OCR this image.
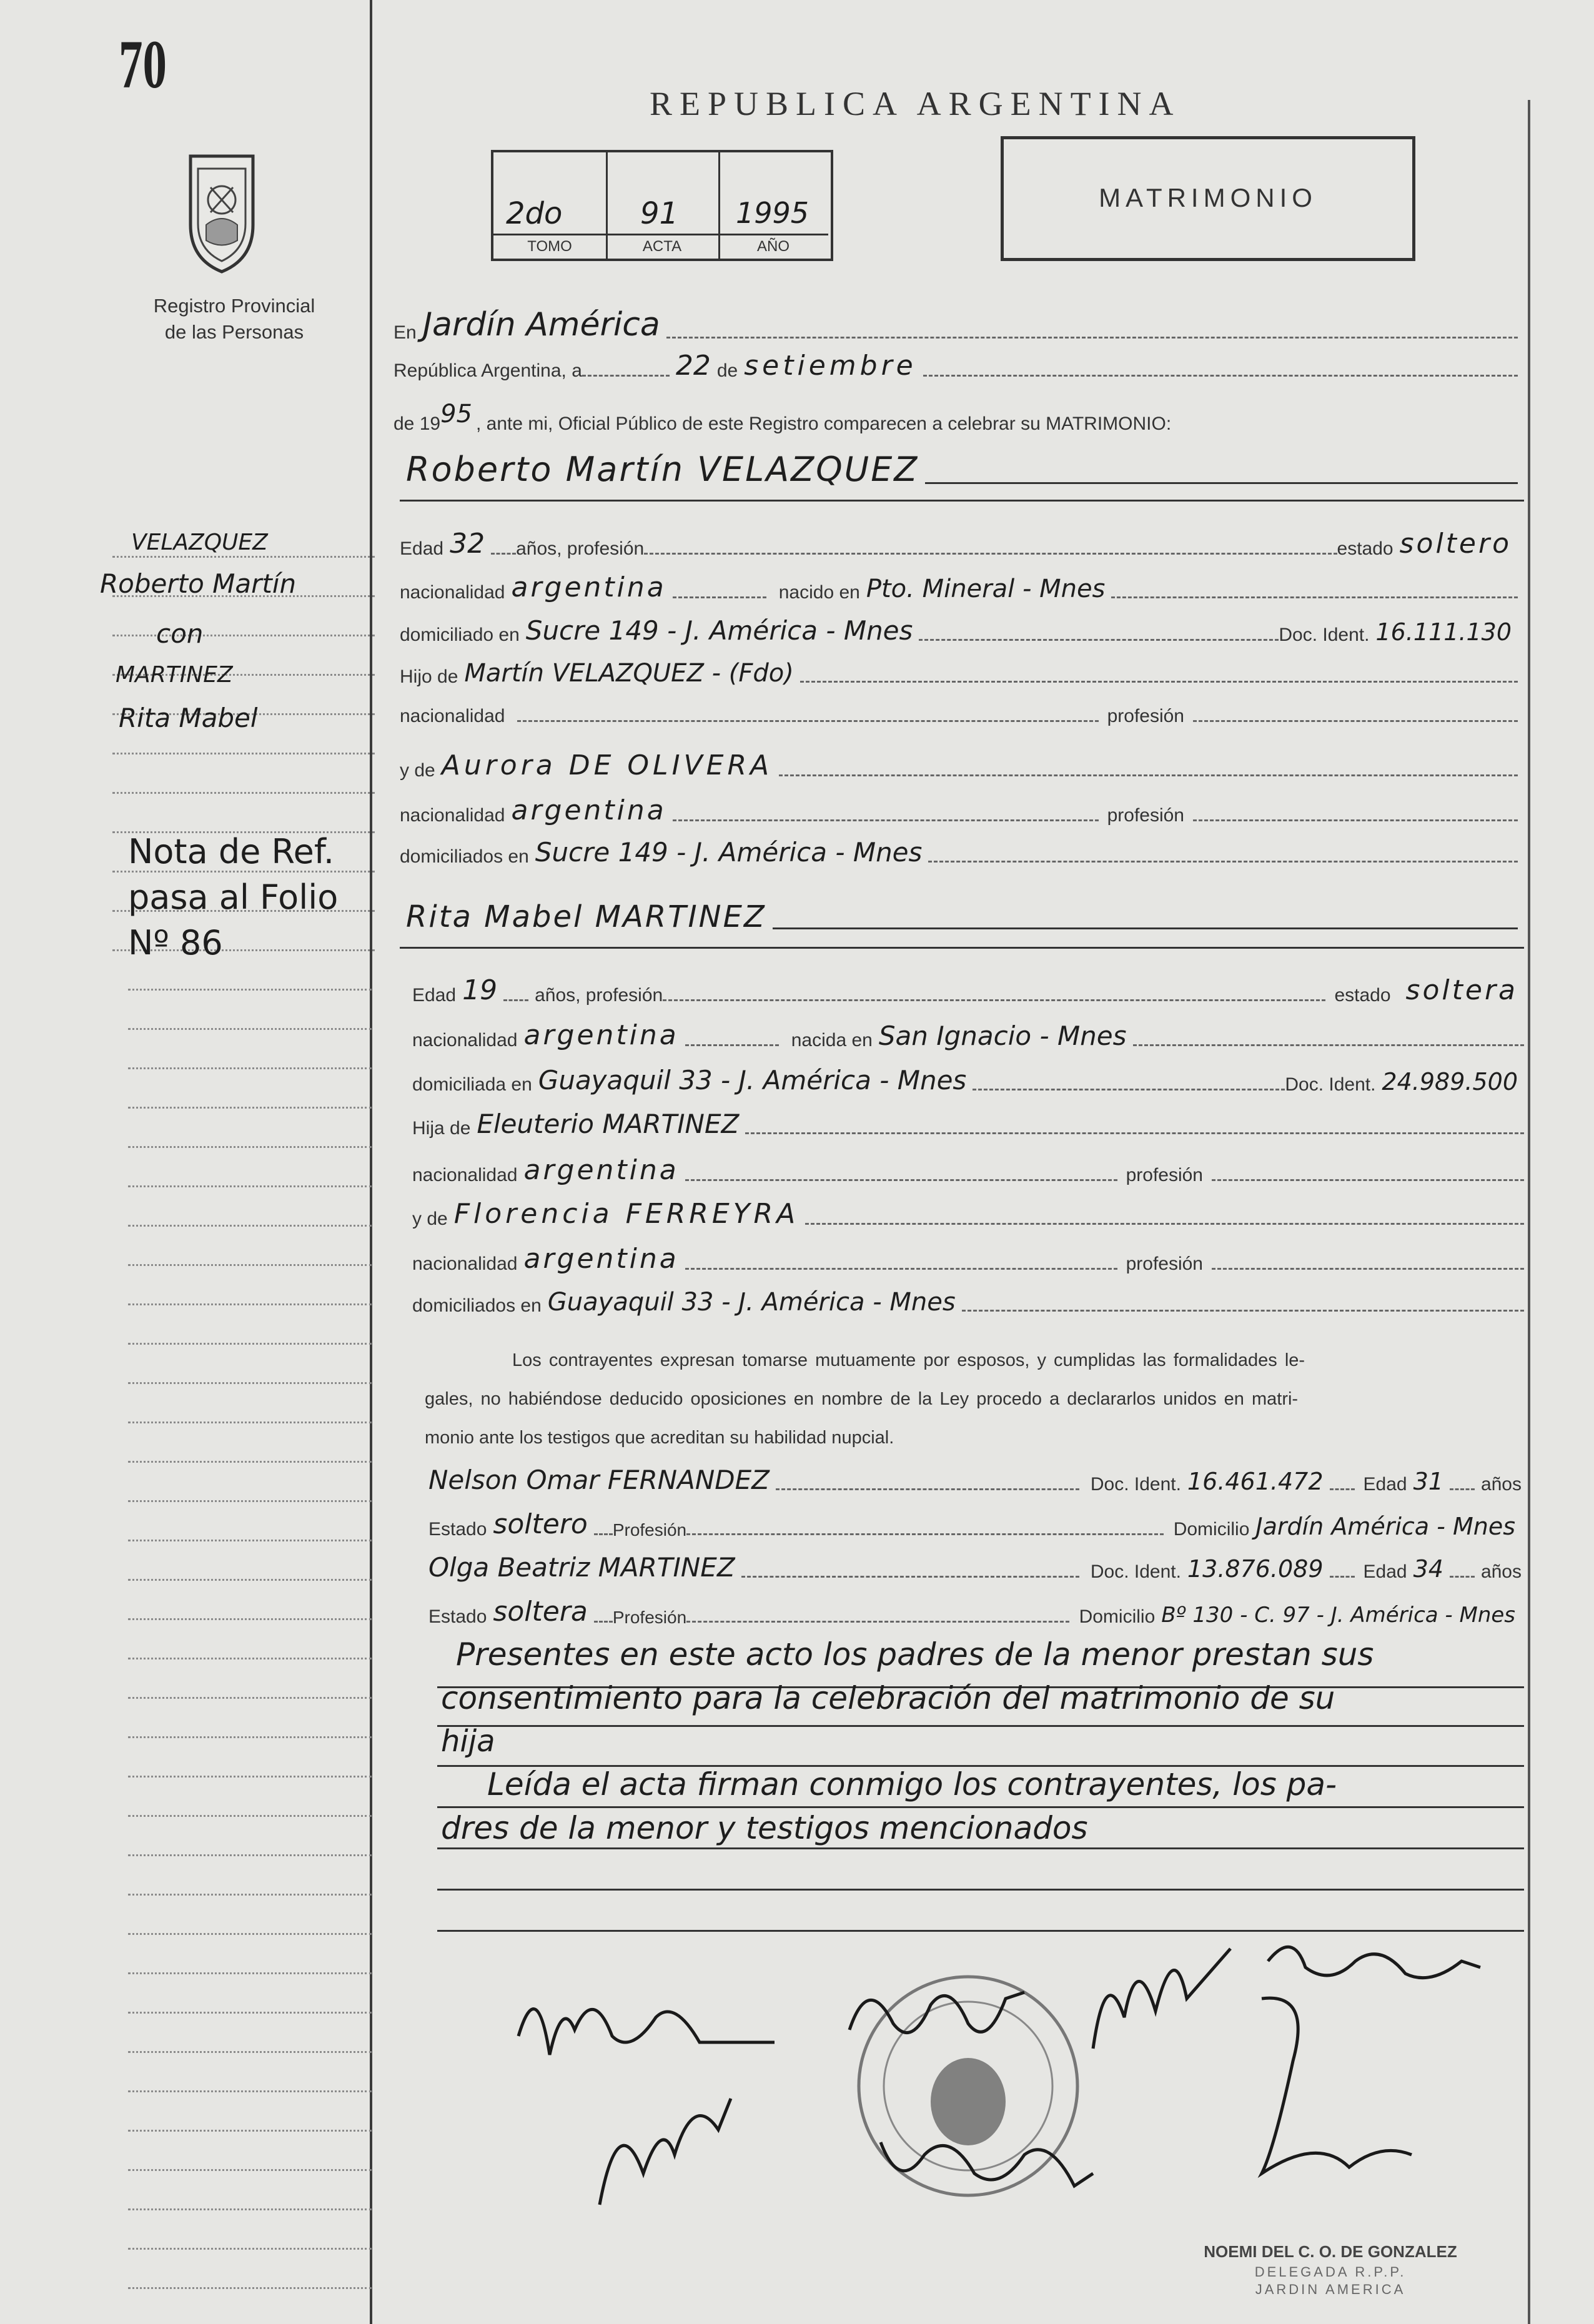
70
Registro Provincial
de las Personas
REPUBLICA ARGENTINA
2do
TOMO
91
ACTA
1995
AÑO
MATRIMONIO
En Jardín América
República Argentina, a	22 de setiembre
de 19 95 , ante mi, Oficial Público de este Registro comparecen a celebrar su MATRIMONIO:
Roberto Martín VELAZQUEZ
Edad 32 años, profesión	estado soltero
nacionalidad argentina	nacido en Pto. Mineral - Mnes
domiciliado en Sucre 149 - J. América - Mnes	Doc. Ident. 16.111.130
Hijo de Martín VELAZQUEZ - (Fdo)
nacionalidad	profesión
y de Aurora DE OLIVERA
nacionalidad argentina	profesión
domiciliados en Sucre 149 - J. América - Mnes
Rita Mabel MARTINEZ
Edad 19 años, profesión	estado soltera
nacionalidad argentina	nacida en San Ignacio - Mnes
domiciliada en Guayaquil 33 - J. América - Mnes	Doc. Ident. 24.989.500
Hija de Eleuterio MARTINEZ
nacionalidad argentina	profesión
y de Florencia FERREYRA
nacionalidad argentina	profesión
domiciliados en Guayaquil 33 - J. América - Mnes
Los contrayentes expresan tomarse mutuamente por esposos, y cumplidas las formalidades le-
gales, no habiéndose deducido oposiciones en nombre de la Ley procedo a declararlos unidos en matri-
monio ante los testigos que acreditan su habilidad nupcial.
Nelson Omar FERNANDEZ	Doc. Ident. 16.461.472 Edad 31 años
Estado soltero Profesión	Domicilio Jardín América - Mnes
Olga Beatriz MARTINEZ	Doc. Ident. 13.876.089 Edad 34 años
Estado soltera Profesión	Domicilio Bº 130 - C. 97 - J. América - Mnes
Presentes en este acto los padres de la menor prestan sus
consentimiento para la celebración del matrimonio de su
hija
Leída el acta firman conmigo los contrayentes, los pa-
dres de la menor y testigos mencionados
VELAZQUEZ
Roberto Martín
con
MARTINEZ
Rita Mabel
Nota de Ref.
pasa al Folio
Nº 86
NOEMI DEL C. O. DE GONZALEZ
DELEGADA R.P.P.
JARDIN AMERICA
